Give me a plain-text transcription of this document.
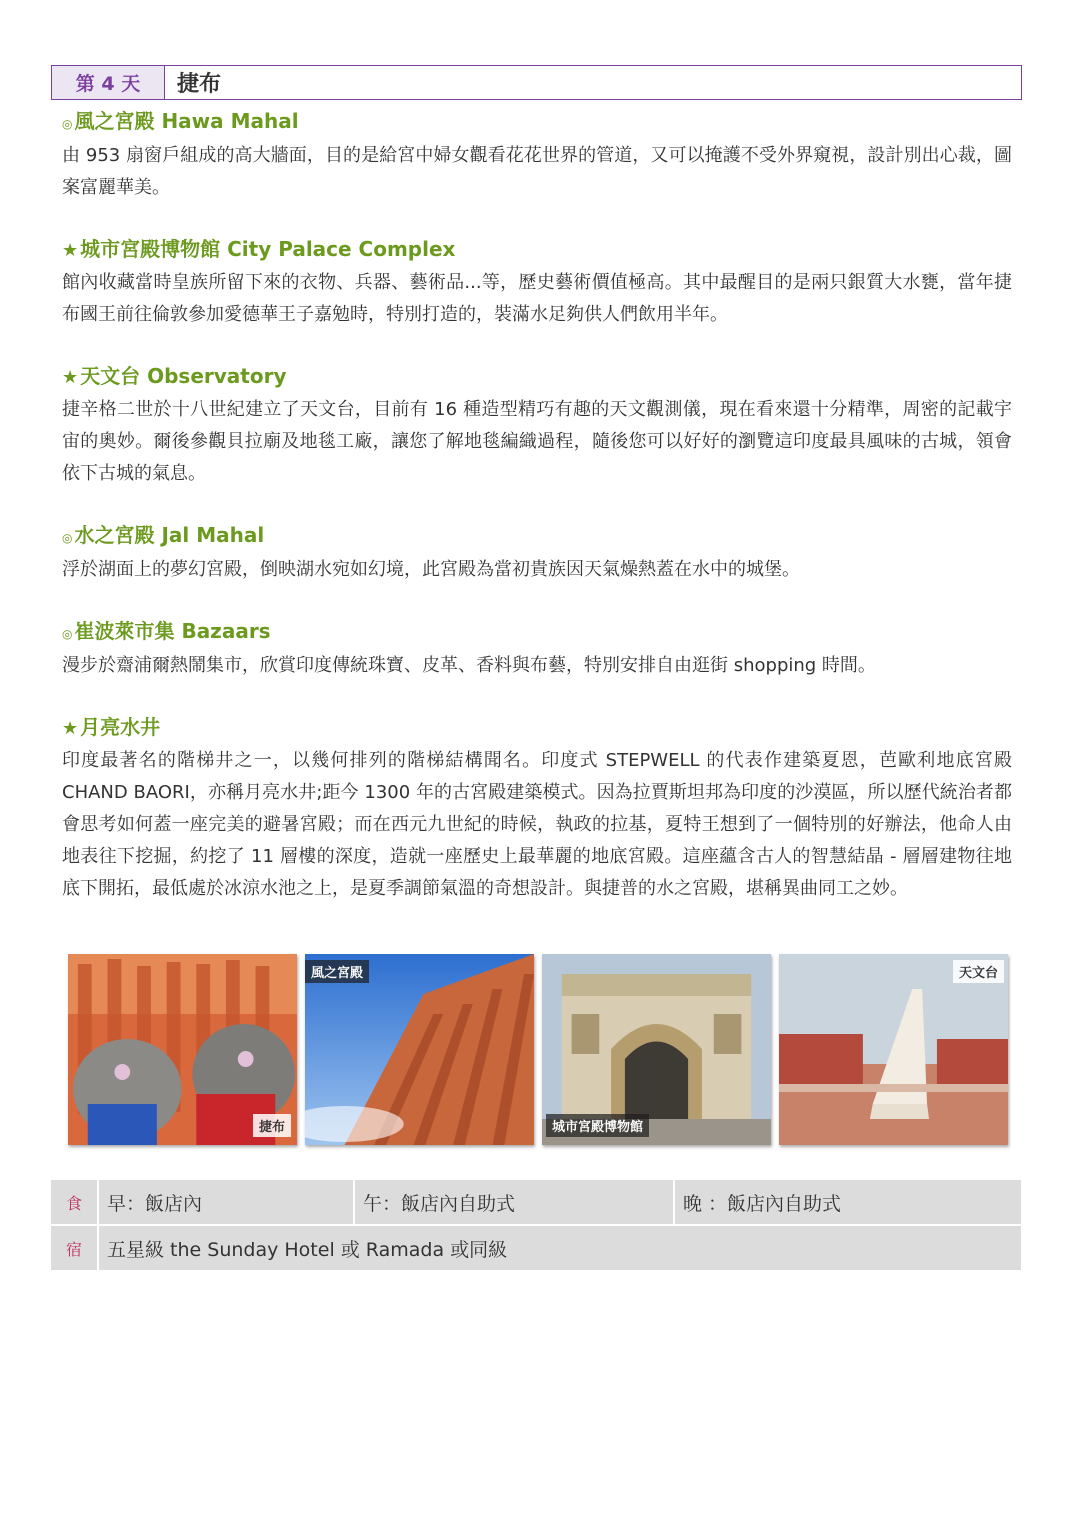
第 4 天	捷布
◎ 風之宮殿 Hawa Mahal
由 953 扇窗戶組成的高大牆面，目的是給宮中婦女觀看花花世界的管道，又可以掩護不受外界窺視，設計別出心裁，圖案富麗華美。
★ 城市宮殿博物館 City Palace Complex
館內收藏當時皇族所留下來的衣物、兵器、藝術品...等，歷史藝術價值極高。其中最醒目的是兩只銀質大水甕，當年捷布國王前往倫敦參加愛德華王子嘉勉時，特別打造的，裝滿水足夠供人們飲用半年。
★ 天文台 Observatory
捷辛格二世於十八世紀建立了天文台，目前有 16 種造型精巧有趣的天文觀測儀，現在看來還十分精準，周密的記載宇宙的奧妙。爾後參觀貝拉廟及地毯工廠，讓您了解地毯編織過程，隨後您可以好好的瀏覽這印度最具風味的古城，領會依下古城的氣息。
◎ 水之宮殿 Jal Mahal
浮於湖面上的夢幻宮殿，倒映湖水宛如幻境，此宮殿為當初貴族因天氣燥熱蓋在水中的城堡。
◎ 崔波萊市集 Bazaars
漫步於齋浦爾熱鬧集市，欣賞印度傳統珠寶、皮革、香料與布藝，特別安排自由逛街 shopping 時間。
★ 月亮水井
印度最著名的階梯井之一，以幾何排列的階梯結構聞名。印度式 STEPWELL 的代表作建築夏恩，芭歐利地底宮殿 CHAND BAORI，亦稱月亮水井;距今 1300 年的古宮殿建築模式。因為拉賈斯坦邦為印度的沙漠區，所以歷代統治者都會思考如何蓋一座完美的避暑宮殿；而在西元九世紀的時候，執政的拉基，夏特王想到了一個特別的好辦法，他命人由地表往下挖掘，約挖了 11 層樓的深度，造就一座歷史上最華麗的地底宮殿。這座蘊含古人的智慧結晶 - 層層建物往地底下開拓，最低處於冰涼水池之上，是夏季調節氣溫的奇想設計。與捷普的水之宮殿，堪稱異曲同工之妙。
捷布
風之宮殿
城市宮殿博物館
天文台
食	早：飯店內	午：飯店內自助式	晚 ：飯店內自助式
宿	五星級 the Sunday Hotel 或 Ramada 或同級		
